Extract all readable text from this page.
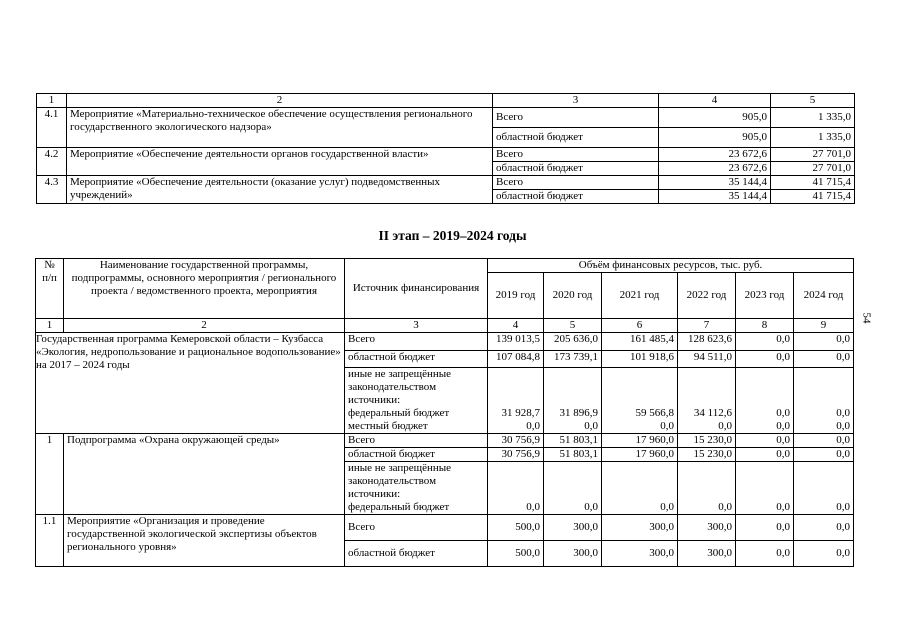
1	2	3	4	5
4.1	Мероприятие «Материально-техническое обеспечение осуществления регионального государственного экологического надзора»	Всего	905,0	1 335,0
		областной бюджет	905,0	1 335,0
4.2	Мероприятие «Обеспечение деятельности органов государственной власти»	Всего	23 672,6	27 701,0
		областной бюджет	23 672,6	27 701,0
4.3	Мероприятие «Обеспечение деятельности (оказание услуг) подведомственных учреждений»	Всего	35 144,4	41 715,4
		областной бюджет	35 144,4	41 715,4
II этап – 2019–2024 годы
54
№ п/п	Наименование государственной программы, подпрограммы, основного мероприятия / регионального проекта / ведомственного проекта, мероприятия	Источник финансирования	Объём финансовых ресурсов, тыс. руб.					
			2019 год	2020 год	2021 год	2022 год	2023 год	2024 год
1	2	3	4	5	6	7	8	9
Государственная программа Кемеровской области – Кузбасса «Экология, недропользование и рациональное водопользование» на 2017 – 2024 годы		Всего	139 013,5	205 636,0	161 485,4	128 623,6	0,0	0,0
		областной бюджет	107 084,8	173 739,1	101 918,6	94 511,0	0,0	0,0
		иные не запрещённые законодательством источники:						
		федеральный бюджет	31 928,7	31 896,9	59 566,8	34 112,6	0,0	0,0
		местный бюджет	0,0	0,0	0,0	0,0	0,0	0,0
1	Подпрограмма «Охрана окружающей среды»	Всего	30 756,9	51 803,1	17 960,0	15 230,0	0,0	0,0
		областной бюджет	30 756,9	51 803,1	17 960,0	15 230,0	0,0	0,0
		иные не запрещённые законодательством источники:						
		федеральный бюджет	0,0	0,0	0,0	0,0	0,0	0,0
1.1	Мероприятие «Организация и проведение государственной экологической экспертизы объектов регионального уровня»	Всего	500,0	300,0	300,0	300,0	0,0	0,0
		областной бюджет	500,0	300,0	300,0	300,0	0,0	0,0
